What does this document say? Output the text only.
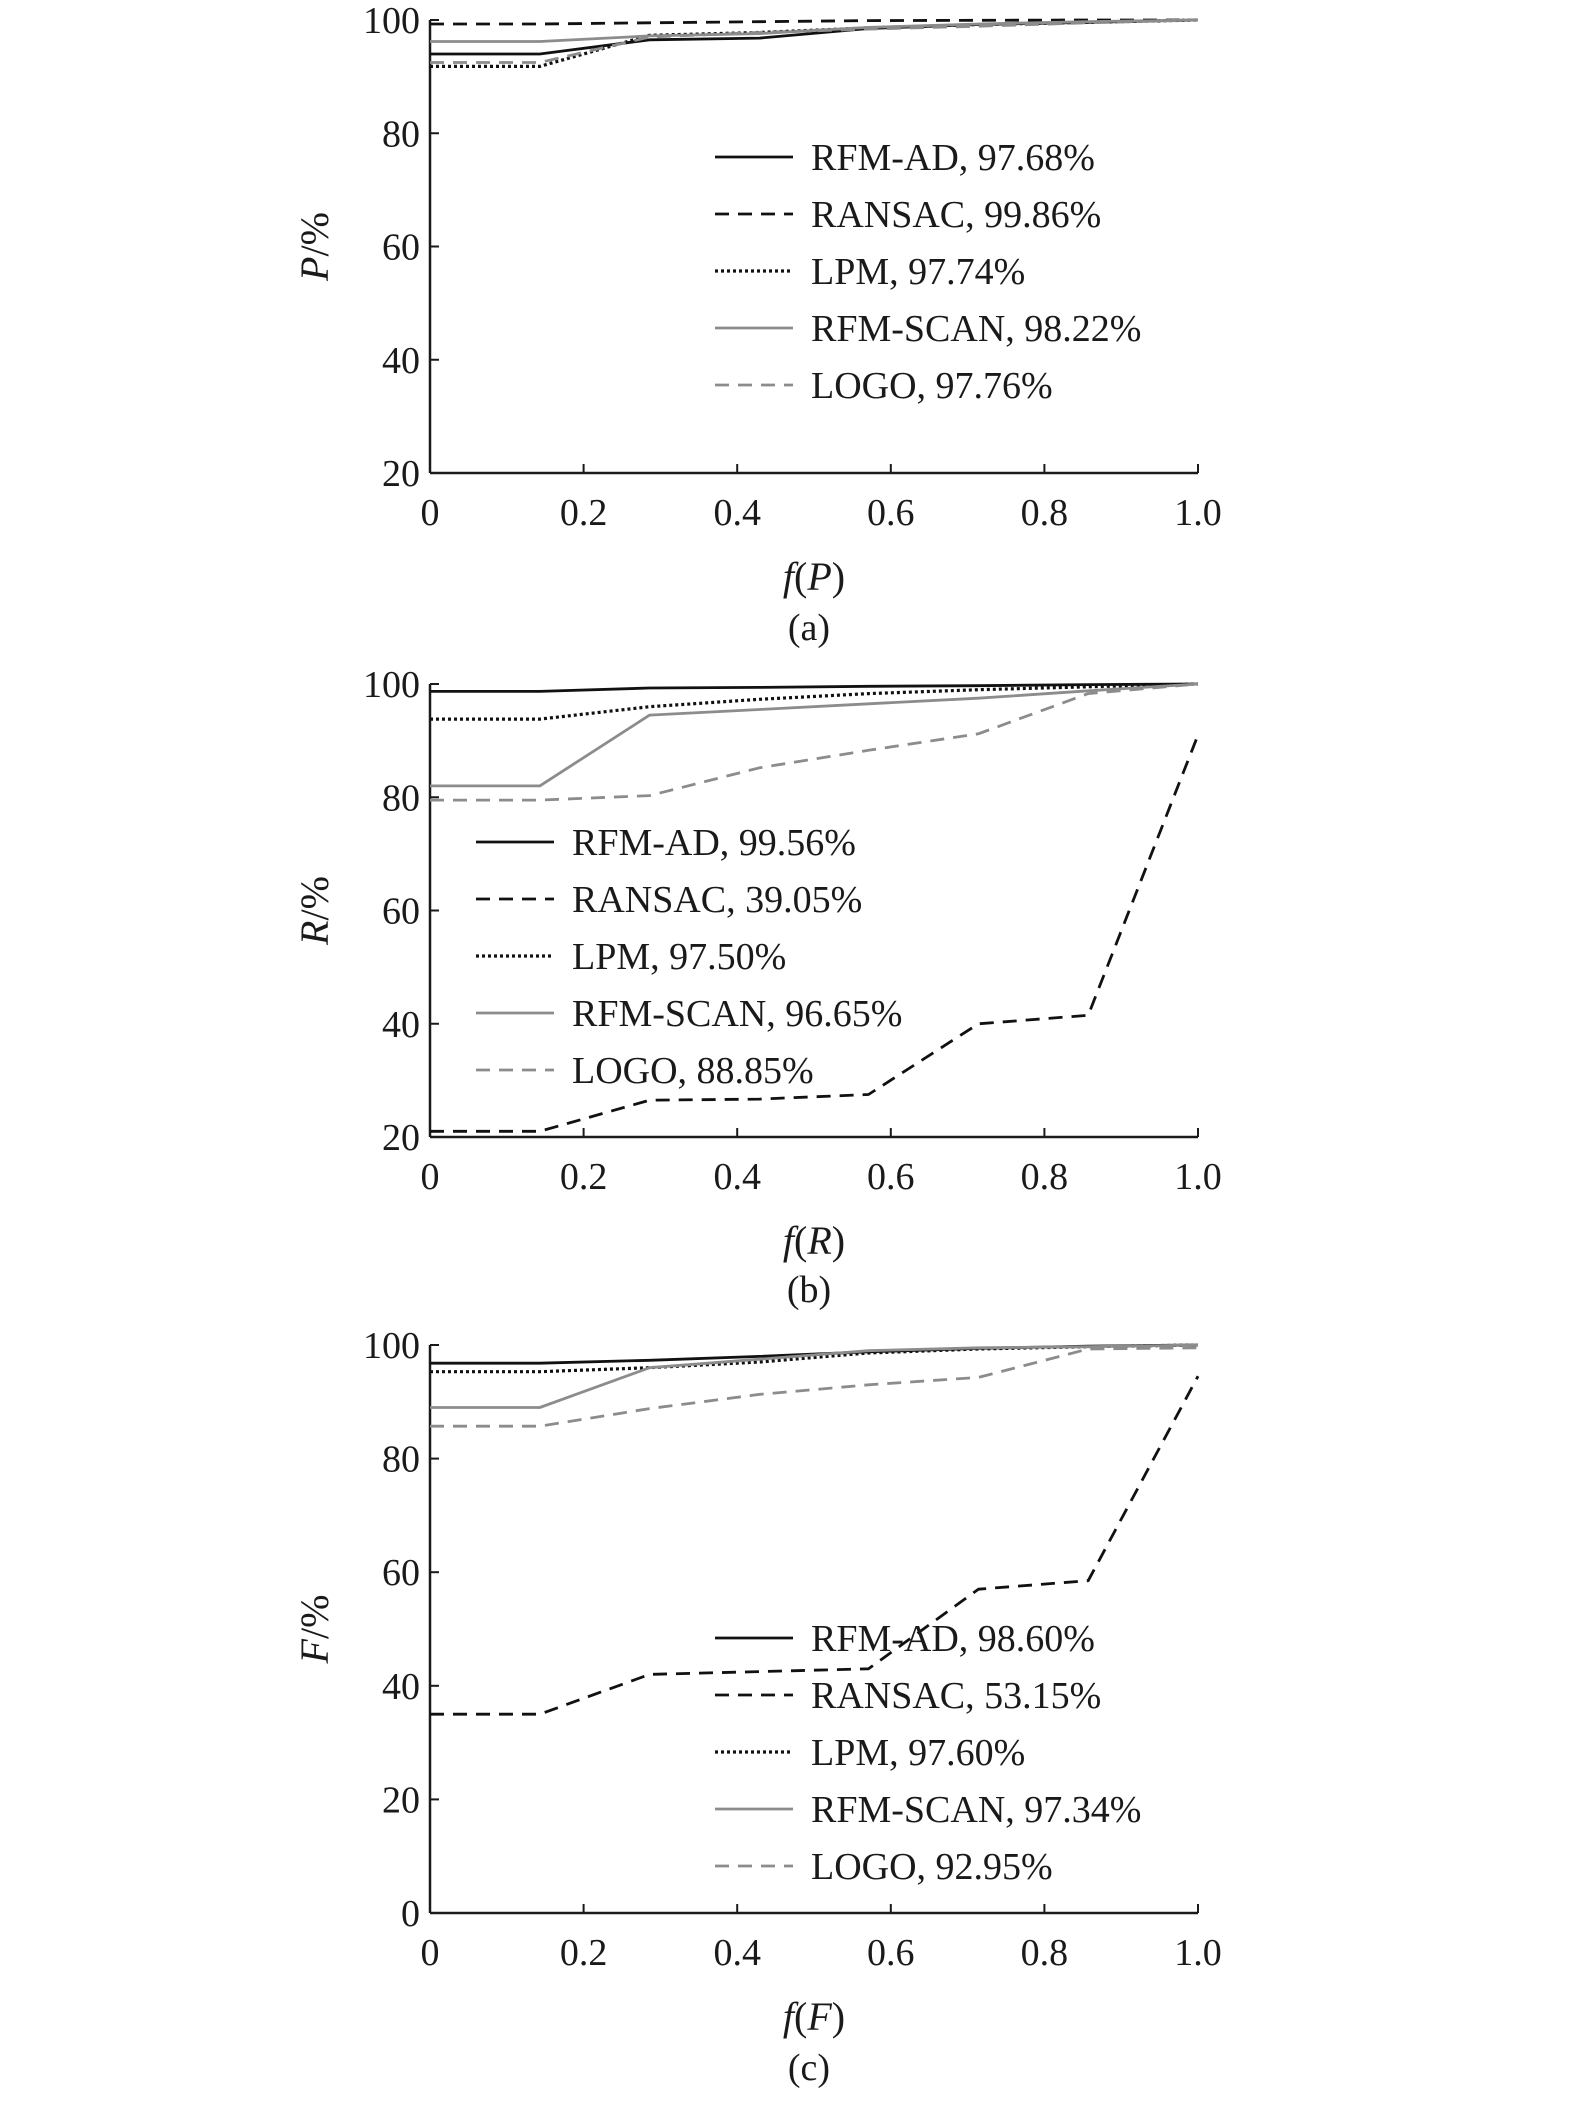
0	0.2	0.4	0.6	0.8	1.0
20
40
60
80
100
f(P)
P/%
RFM-AD, 97.68%
RANSAC, 99.86%
LPM, 97.74%
RFM-SCAN, 98.22%
LOGO, 97.76%
(a)
0	0.2	0.4	0.6	0.8	1.0
20
40
60
80
100
f(R)
R/%
RFM-AD, 99.56%
RANSAC, 39.05%
LPM, 97.50%
RFM-SCAN, 96.65%
LOGO, 88.85%
(b)
0	0.2	0.4	0.6	0.8	1.0
0
20
40
60
80
100
f(F)
F/%
RFM-AD, 98.60%
RANSAC, 53.15%
LPM, 97.60%
RFM-SCAN, 97.34%
LOGO, 92.95%
(c)
